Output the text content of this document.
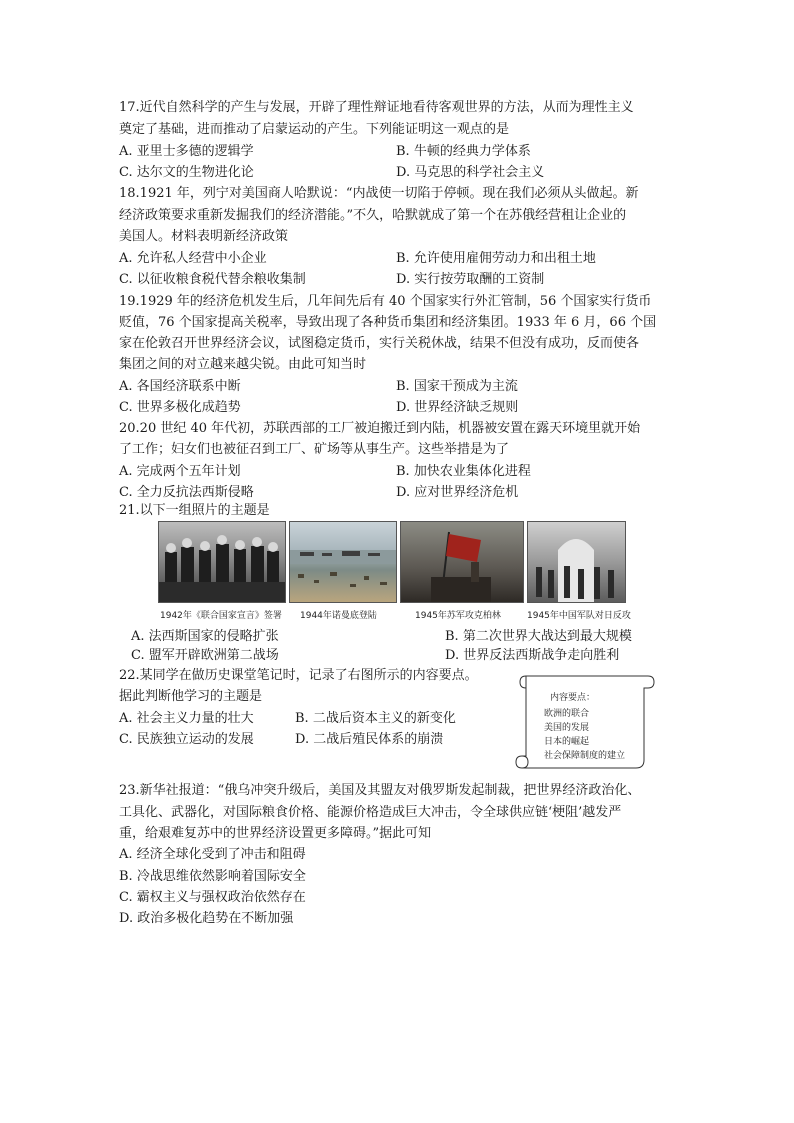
17.近代自然科学的产生与发展，开辟了理性辩证地看待客观世界的方法，从而为理性主义
奠定了基础，进而推动了启蒙运动的产生。下列能证明这一观点的是
A. 亚里士多德的逻辑学	B. 牛顿的经典力学体系
C. 达尔文的生物进化论	D. 马克思的科学社会主义
18.1921 年，列宁对美国商人哈默说：“内战使一切陷于停顿。现在我们必须从头做起。新
经济政策要求重新发掘我们的经济潜能。”不久，哈默就成了第一个在苏俄经营租让企业的
美国人。材料表明新经济政策
A. 允许私人经营中小企业	B. 允许使用雇佣劳动力和出租土地
C. 以征收粮食税代替余粮收集制	D. 实行按劳取酬的工资制
19.1929 年的经济危机发生后，几年间先后有 40 个国家实行外汇管制，56 个国家实行货币
贬值，76 个国家提高关税率，导致出现了各种货币集团和经济集团。1933 年 6 月，66 个国
家在伦敦召开世界经济会议，试图稳定货币，实行关税休战，结果不但没有成功，反而使各
集团之间的对立越来越尖锐。由此可知当时
A. 各国经济联系中断	B. 国家干预成为主流
C. 世界多极化成趋势	D. 世界经济缺乏规则
20.20 世纪 40 年代初，苏联西部的工厂被迫搬迁到内陆，机器被安置在露天环境里就开始
了工作；妇女们也被征召到工厂、矿场等从事生产。这些举措是为了
A. 完成两个五年计划	B. 加快农业集体化进程
C. 全力反抗法西斯侵略	D. 应对世界经济危机
21.以下一组照片的主题是
1942年《联合国家宣言》签署 1944年诺曼底登陆	1945年苏军攻克柏林	1945年中国军队对日反攻
A. 法西斯国家的侵略扩张	B. 第二次世界大战达到最大规模
C. 盟军开辟欧洲第二战场	D. 世界反法西斯战争走向胜利
22.某同学在做历史课堂笔记时，记录了右图所示的内容要点。
据此判断他学习的主题是
A. 社会主义力量的壮大	B. 二战后资本主义的新变化
C. 民族独立运动的发展	D. 二战后殖民体系的崩溃
内容要点：
欧洲的联合
美国的发展
日本的崛起
社会保障制度的建立
23.新华社报道：“俄乌冲突升级后，美国及其盟友对俄罗斯发起制裁，把世界经济政治化、
工具化、武器化，对国际粮食价格、能源价格造成巨大冲击，令全球供应链‘梗阻’越发严
重，给艰难复苏中的世界经济设置更多障碍。”据此可知
A. 经济全球化受到了冲击和阻碍
B. 冷战思维依然影响着国际安全
C. 霸权主义与强权政治依然存在
D. 政治多极化趋势在不断加强
